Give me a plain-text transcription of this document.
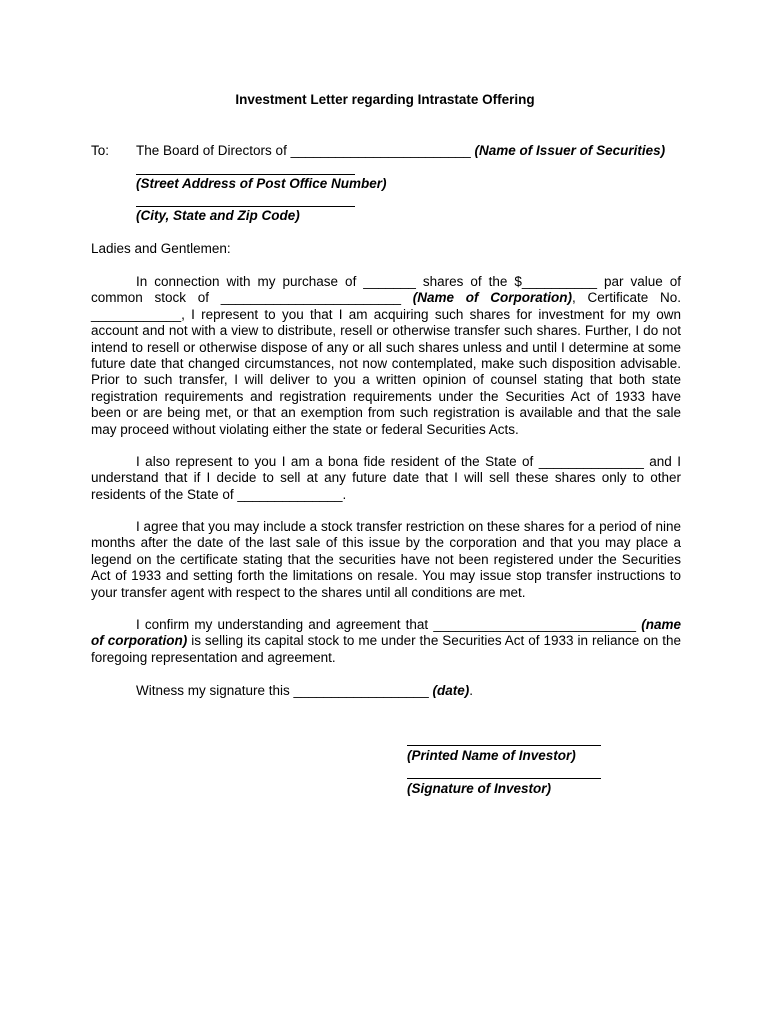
Investment Letter regarding Intrastate Offering
To: The Board of Directors of ________________________ (Name of Issuer of Securities)
(Street Address of Post Office Number)
(City, State and Zip Code)
Ladies and Gentlemen:
In connection with my purchase of _______ shares of the $__________ par value of common stock of ________________________ (Name of Corporation), Certificate No. ____________, I represent to you that I am acquiring such shares for investment for my own account and not with a view to distribute, resell or otherwise transfer such shares. Further, I do not intend to resell or otherwise dispose of any or all such shares unless and until I determine at some future date that changed circumstances, not now contemplated, make such disposition advisable. Prior to such transfer, I will deliver to you a written opinion of counsel stating that both state registration requirements and registration requirements under the Securities Act of 1933 have been or are being met, or that an exemption from such registration is available and that the sale may proceed without violating either the state or federal Securities Acts.
I also represent to you I am a bona fide resident of the State of ______________ and I understand that if I decide to sell at any future date that I will sell these shares only to other residents of the State of ______________.
I agree that you may include a stock transfer restriction on these shares for a period of nine months after the date of the last sale of this issue by the corporation and that you may place a legend on the certificate stating that the securities have not been registered under the Securities Act of 1933 and setting forth the limitations on resale. You may issue stop transfer instructions to your transfer agent with respect to the shares until all conditions are met.
I confirm my understanding and agreement that ___________________________ (name of corporation) is selling its capital stock to me under the Securities Act of 1933 in reliance on the foregoing representation and agreement.
Witness my signature this __________________ (date).
(Printed Name of Investor)
(Signature of Investor)
